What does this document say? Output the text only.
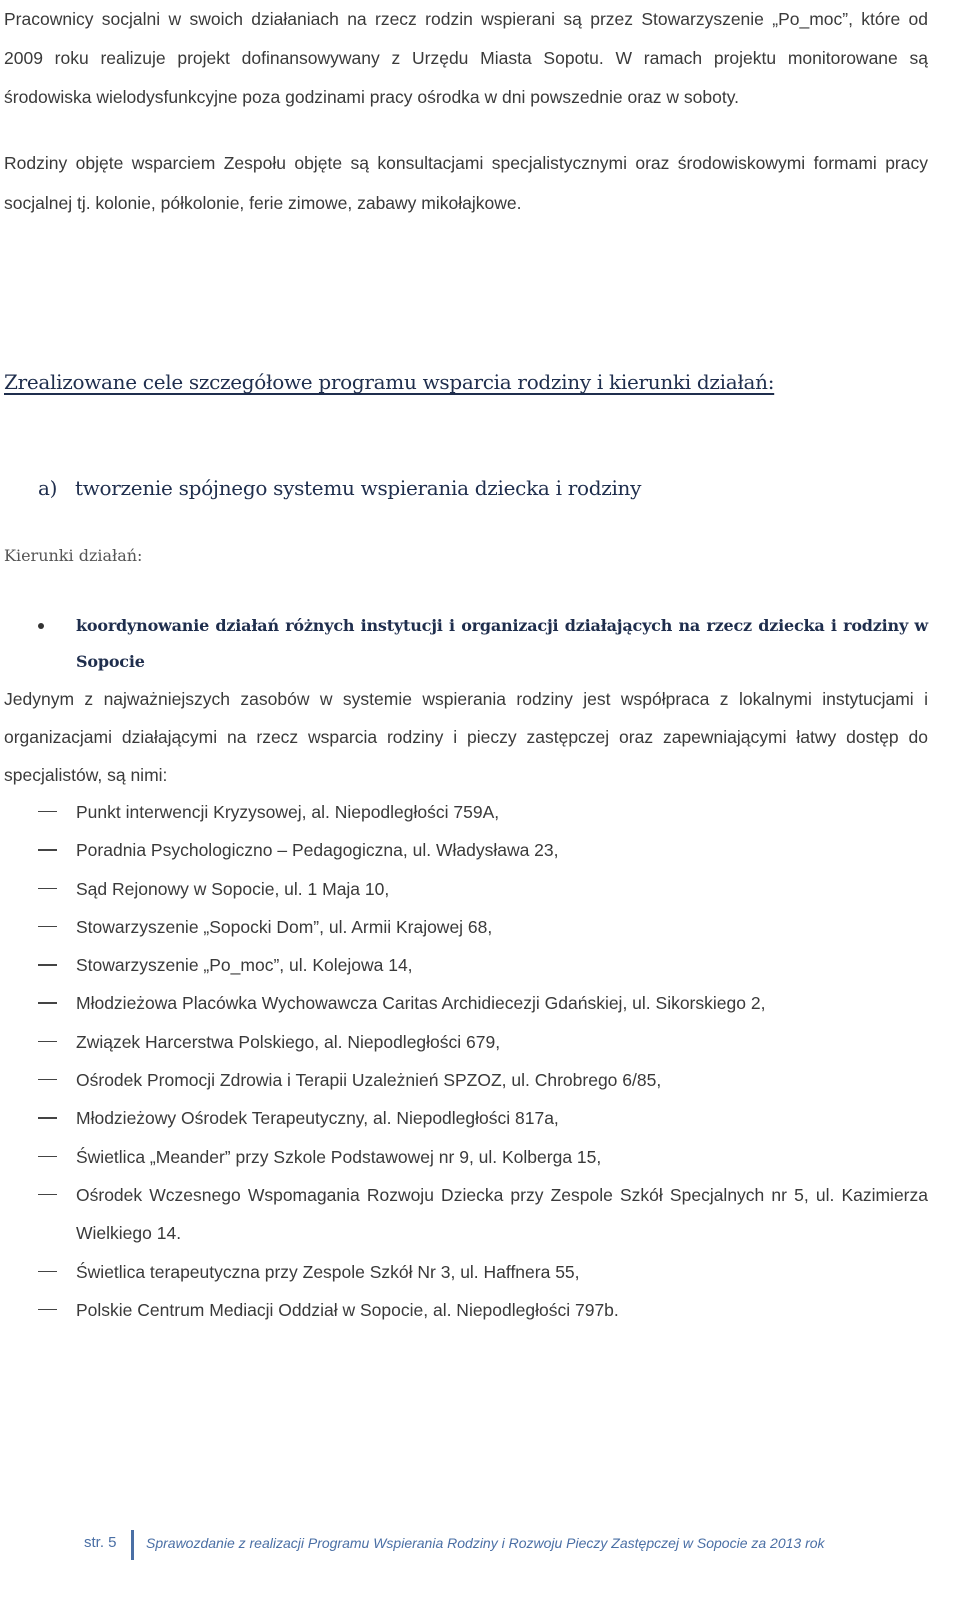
Pracownicy socjalni w swoich działaniach na rzecz rodzin wspierani są przez Stowarzyszenie „Po_moc”, które od

2009 roku realizuje projekt dofinansowywany z Urzędu Miasta Sopotu. W ramach projektu monitorowane są

środowiska wielodysfunkcyjne poza godzinami pracy ośrodka w dni powszednie oraz w soboty.

Rodziny objęte wsparciem Zespołu objęte są konsultacjami specjalistycznymi oraz środowiskowymi formami pracy socjalnej tj. kolonie, półkolonie, ferie zimowe, zabawy mikołajkowe.

Zrealizowane cele szczegółowe programu wsparcia rodziny i kierunki działań:
a) tworzenie spójnego systemu wspierania dziecka i rodziny
Kierunki działań:
koordynowanie działań różnych instytucji i organizacji działających na rzecz dziecka i rodziny w Sopocie

Jedynym z najważniejszych zasobów w systemie wspierania rodziny jest współpraca z lokalnymi instytucjami i organizacjami działającymi na rzecz wsparcia rodziny i pieczy zastępczej oraz zapewniającymi łatwy dostęp do specjalistów, są nimi:

Punkt interwencji Kryzysowej, al. Niepodległości 759A,
Poradnia Psychologiczno – Pedagogiczna, ul. Władysława 23,
Sąd Rejonowy w Sopocie, ul. 1 Maja 10,
Stowarzyszenie „Sopocki Dom”, ul. Armii Krajowej 68,
Stowarzyszenie „Po_moc”, ul. Kolejowa 14,
Młodzieżowa Placówka Wychowawcza Caritas Archidiecezji Gdańskiej, ul. Sikorskiego 2,
Związek Harcerstwa Polskiego, al. Niepodległości 679,
Ośrodek Promocji Zdrowia i Terapii Uzależnień SPZOZ, ul. Chrobrego 6/85,
Młodzieżowy Ośrodek Terapeutyczny, al. Niepodległości 817a,
Świetlica „Meander” przy Szkole Podstawowej nr 9, ul. Kolberga 15,
Ośrodek Wczesnego Wspomagania Rozwoju Dziecka przy Zespole Szkół Specjalnych nr 5, ul. Kazimierza Wielkiego 14.
Świetlica terapeutyczna przy Zespole Szkół Nr 3, ul. Haffnera 55,
Polskie Centrum Mediacji Oddział w Sopocie, al. Niepodległości 797b.
str. 5 Sprawozdanie z realizacji Programu Wspierania Rodziny i Rozwoju Pieczy Zastępczej w Sopocie za 2013 rok
